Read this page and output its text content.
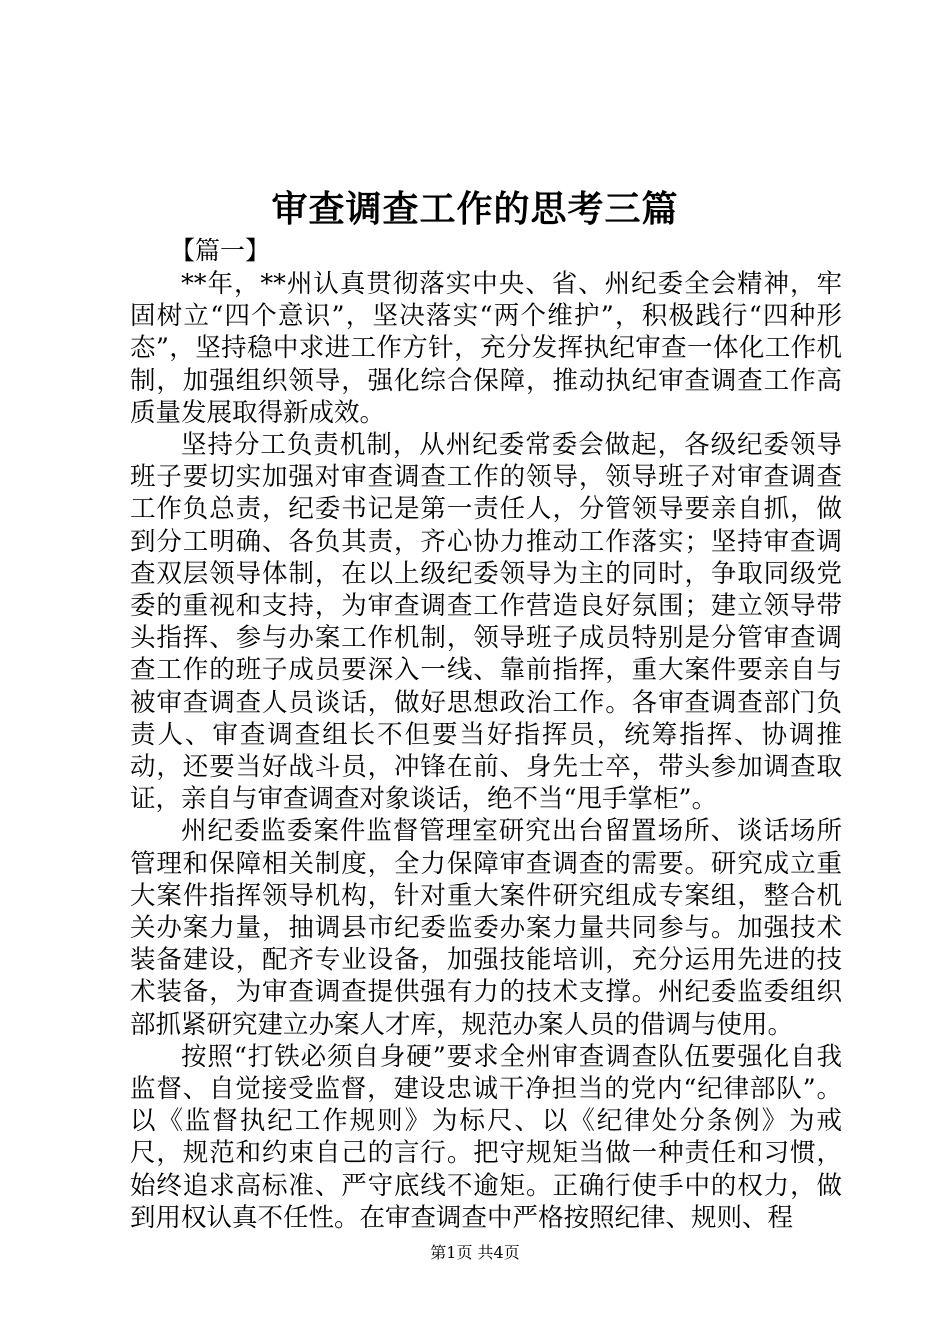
审查调查工作的思考三篇
【篇一】

**年，**州认真贯彻落实中央、省、州纪委全会精神，牢固树立“四个意识”，坚决落实“两个维护”，积极践行“四种形态”，坚持稳中求进工作方针，充分发挥执纪审查一体化工作机制，加强组织领导，强化综合保障，推动执纪审查调查工作高质量发展取得新成效。

坚持分工负责机制，从州纪委常委会做起，各级纪委领导班子要切实加强对审查调查工作的领导，领导班子对审查调查工作负总责，纪委书记是第一责任人，分管领导要亲自抓，做到分工明确、各负其责，齐心协力推动工作落实；坚持审查调查双层领导体制，在以上级纪委领导为主的同时，争取同级党委的重视和支持，为审查调查工作营造良好氛围；建立领导带头指挥、参与办案工作机制，领导班子成员特别是分管审查调查工作的班子成员要深入一线、靠前指挥，重大案件要亲自与被审查调查人员谈话，做好思想政治工作。各审查调查部门负责人、审查调查组长不但要当好指挥员，统筹指挥、协调推动，还要当好战斗员，冲锋在前、身先士卒，带头参加调查取证，亲自与审查调查对象谈话，绝不当“甩手掌柜”。

州纪委监委案件监督管理室研究出台留置场所、谈话场所管理和保障相关制度，全力保障审查调查的需要。研究成立重大案件指挥领导机构，针对重大案件研究组成专案组，整合机关办案力量，抽调县市纪委监委办案力量共同参与。加强技术装备建设，配齐专业设备，加强技能培训，充分运用先进的技术装备，为审查调查提供强有力的技术支撑。州纪委监委组织部抓紧研究建立办案人才库，规范办案人员的借调与使用。

按照“打铁必须自身硬”要求全州审查调查队伍要强化自我监督、自觉接受监督，建设忠诚干净担当的党内“纪律部队”。以《监督执纪工作规则》为标尺、以《纪律处分条例》为戒尺，规范和约束自己的言行。把守规矩当做一种责任和习惯，始终追求高标准、严守底线不逾矩。正确行使手中的权力，做到用权认真不任性。在审查调查中严格按照纪律、规则、程

第1页 共4页
